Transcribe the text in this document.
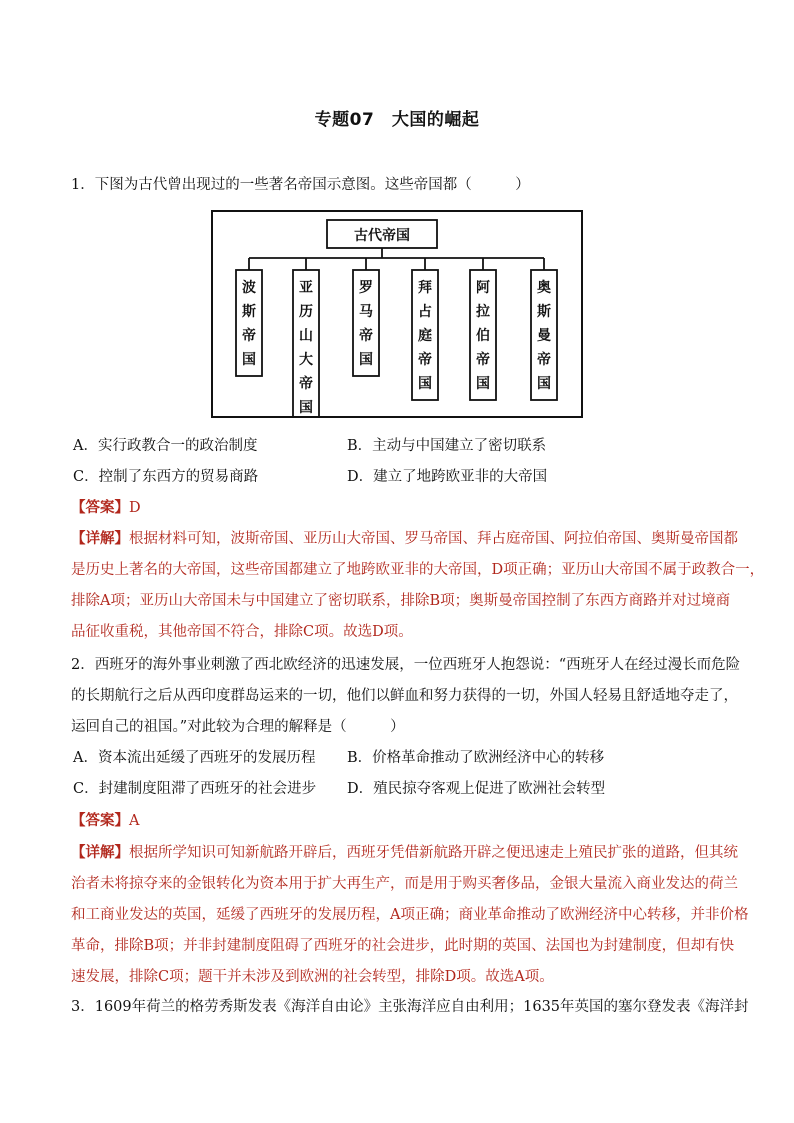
专题07　大国的崛起
1．下图为古代曾出现过的一些著名帝国示意图。这些帝国都（　　　）
古代帝国
波斯帝国
亚历山大帝国
罗马帝国
拜占庭帝国
阿拉伯帝国
奥斯曼帝国
A．实行政教合一的政治制度	B．主动与中国建立了密切联系
C．控制了东西方的贸易商路	D．建立了地跨欧亚非的大帝国
【答案】D
【详解】根据材料可知，波斯帝国、亚历山大帝国、罗马帝国、拜占庭帝国、阿拉伯帝国、奥斯曼帝国都
是历史上著名的大帝国，这些帝国都建立了地跨欧亚非的大帝国，D项正确；亚历山大帝国不属于政教合一，
排除A项；亚历山大帝国未与中国建立了密切联系，排除B项；奥斯曼帝国控制了东西方商路并对过境商
品征收重税，其他帝国不符合，排除C项。故选D项。
2．西班牙的海外事业刺激了西北欧经济的迅速发展，一位西班牙人抱怨说：“西班牙人在经过漫长而危险
的长期航行之后从西印度群岛运来的一切，他们以鲜血和努力获得的一切，外国人轻易且舒适地夺走了，
运回自己的祖国。”对此较为合理的解释是（　　　）
A．资本流出延缓了西班牙的发展历程 B．价格革命推动了欧洲经济中心的转移
C．封建制度阻滞了西班牙的社会进步 D．殖民掠夺客观上促进了欧洲社会转型
【答案】A
【详解】根据所学知识可知新航路开辟后，西班牙凭借新航路开辟之便迅速走上殖民扩张的道路，但其统
治者未将掠夺来的金银转化为资本用于扩大再生产，而是用于购买奢侈品，金银大量流入商业发达的荷兰
和工商业发达的英国，延缓了西班牙的发展历程，A项正确；商业革命推动了欧洲经济中心转移，并非价格
革命，排除B项；并非封建制度阻碍了西班牙的社会进步，此时期的英国、法国也为封建制度，但却有快
速发展，排除C项；题干并未涉及到欧洲的社会转型，排除D项。故选A项。
3．1609年荷兰的格劳秀斯发表《海洋自由论》主张海洋应自由利用；1635年英国的塞尔登发表《海洋封
